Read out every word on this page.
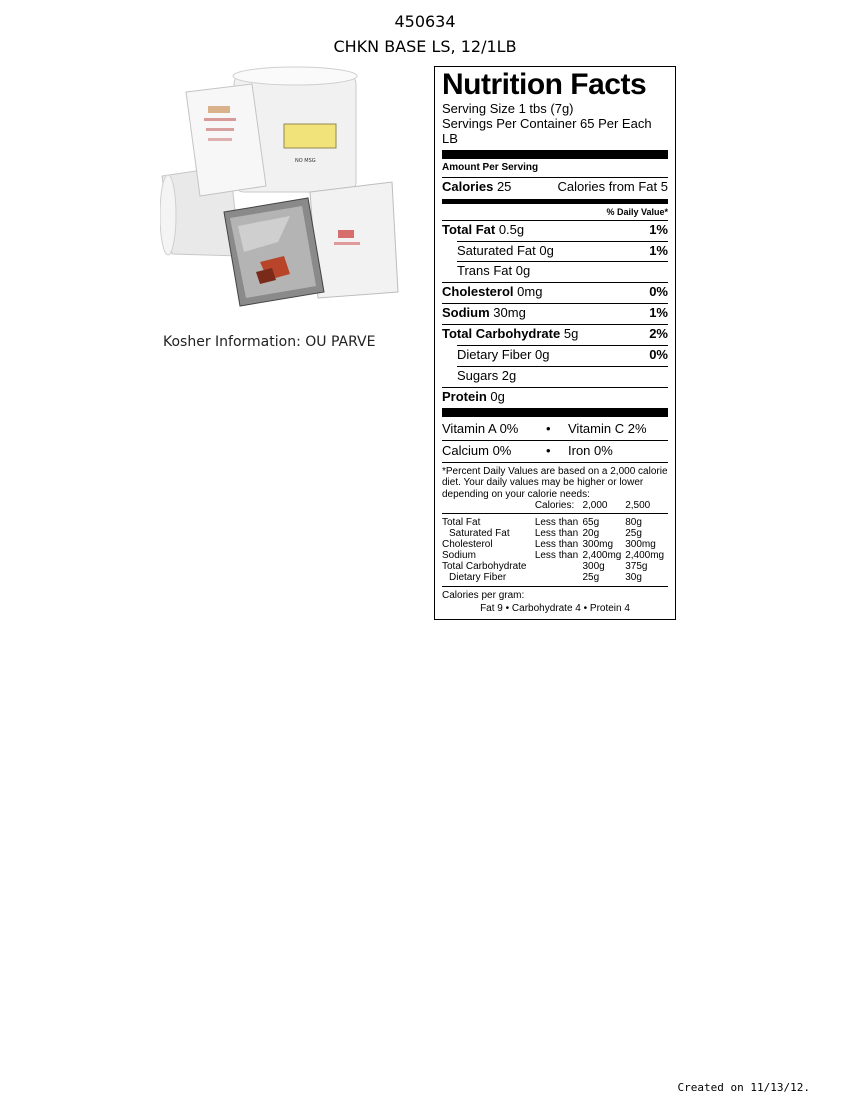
450634
CHKN BASE LS, 12/1LB
NO MSG
Kosher Information: OU PARVE
Nutrition Facts
Serving Size 1 tbs (7g)
Servings Per Container 65 Per Each LB
Amount Per Serving
Calories 25	Calories from Fat 5
% Daily Value*
Total Fat 0.5g	1%
Saturated Fat 0g	1%
Trans Fat 0g
Cholesterol 0mg	0%
Sodium 30mg	1%
Total Carbohydrate 5g	2%
Dietary Fiber 0g	0%
Sugars 2g
Protein 0g
Vitamin A 0%	•	Vitamin C 2%
Calcium 0%	•	Iron 0%
*Percent Daily Values are based on a 2,000 calorie diet. Your daily values may be higher or lower depending on your calorie needs:
		Calories:	2,000	2,500
Total Fat		Less than	65g	80g
Saturated Fat		Less than	20g	25g
Cholesterol		Less than	300mg	300mg
Sodium		Less than	2,400mg	2,400mg
Total Carbohydrate			300g	375g
Dietary Fiber			25g	30g
Calories per gram:
Fat 9 • Carbohydrate 4 • Protein 4
Created on 11/13/12.
